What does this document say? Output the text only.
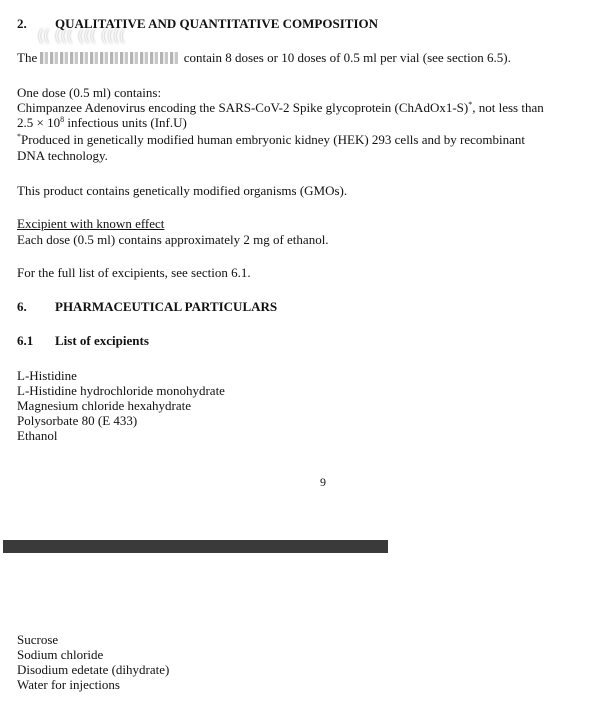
2. QUALITATIVE AND QUANTITATIVE COMPOSITION
The	contain 8 doses or 10 doses of 0.5 ml per vial (see section 6.5).
(( ((( ((( ((((
One dose (0.5 ml) contains:
Chimpanzee Adenovirus encoding the SARS-CoV-2 Spike glycoprotein (ChAdOx1-S)*, not less than
$2.5 \times 10^8$ infectious units (Inf.U)
*Produced in genetically modified human embryonic kidney (HEK) 293 cells and by recombinant
DNA technology.
This product contains genetically modified organisms (GMOs).
Excipient with known effect
Each dose (0.5 ml) contains approximately 2 mg of ethanol.
For the full list of excipients, see section 6.1.
6. PHARMACEUTICAL PARTICULARS
6.1 List of excipients
L-Histidine
L-Histidine hydrochloride monohydrate
Magnesium chloride hexahydrate
Polysorbate 80 (E 433)
Ethanol
9
Sucrose
Sodium chloride
Disodium edetate (dihydrate)
Water for injections
